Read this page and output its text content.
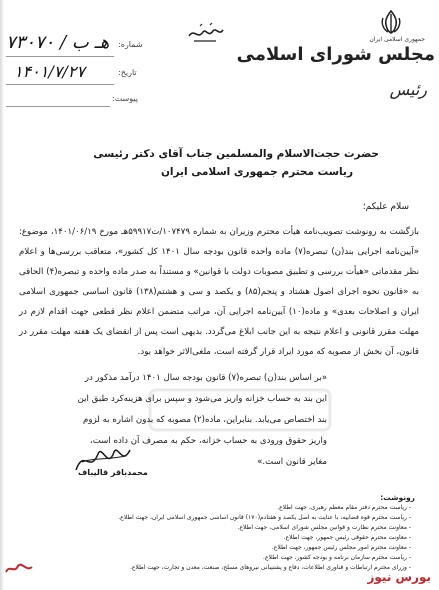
جمهوری اسلامی ایران
مجلس شورای اسلامی
رئیس
شماره:
۷۳۰۷۰ / هـ ب
تاریخ:
۱۴۰۱/۷/۲۷
پیوست:
حضرت حجت‌الاسلام والمسلمین جناب آقای دکتر رئیسی
ریاست محترم جمهوری اسلامی ایران
سلام علیکم؛
بازگشت به رونوشت تصویب‌نامه هیأت محترم وزیران به شماره ۱۰۷۴۷۹/ت۵۹۹۱۷هـ مورخ ۱۴۰۱/۰۶/۱۹، موضوع: «آیین‌نامه اجرایی بند(ن) تبصره(۷) ماده واحده قانون بودجه سال ۱۴۰۱ کل کشور»، متعاقب بررسی‌ها و اعلام نظر مقدماتی «هیأت بررسی و تطبیق مصوبات دولت با قوانین» و مستنداً به صدر ماده واحده و تبصره(۴) الحاقی به «قانون نحوه اجرای اصول هشتاد و پنجم(۸۵) و یکصد و سی و هشتم(۱۳۸) قانون اساسی جمهوری اسلامی ایران و اصلاحات بعدی» و ماده(۱۰) آیین‌نامه اجرایی آن، مراتب متضمن اعلام نظر قطعی جهت اقدام لازم در مهلت مقرر قانونی و اعلام نتیجه به این جانب ابلاغ می‌گردد. بدیهی است پس از انقضای یک هفته مهلت مقرر در قانون، آن بخش از مصوبه که مورد ایراد قرار گرفته است، ملغی‌الاثر خواهد بود.
«بر اساس بند(ن) تبصره(۷) قانون بودجه سال ۱۴۰۱ درآمد مذکور در این بند به حساب خزانه واریز می‌شود و سپس برای هزینه‌کرد طبق این بند اختصاص می‌یابد. بنابراین، ماده(۲) مصوبه که بدون اشاره به لزوم واریز حقوق ورودی به حساب خزانه، حکم به مصرف آن داده است، مغایر قانون است.»
محمدباقر قالیباف
رونوشت:
- ریاست محترم دفتر مقام معظم رهبری، جهت اطلاع.
- ریاست محترم قوه قضاییه، با عنایت به اصل یکصد و هفتادم(۱۷۰) قانون اساسی جمهوری اسلامی ایران، جهت اطلاع.
- معاونت محترم نظارت و قوانین مجلس شورای اسلامی، جهت اطلاع.
- معاونت محترم حقوقی رئیس جمهور، جهت اطلاع.
- معاونت محترم امور مجلس رئیس جمهور، جهت اطلاع.
- ریاست محترم سازمان برنامه و بودجه کشور، جهت اطلاع.
- وزرای محترم ارتباطات و فناوری اطلاعات، دفاع و پشتیبانی نیروهای مسلح، صنعت، معدن و تجارت، جهت اطلاع.
بورس نیوز
